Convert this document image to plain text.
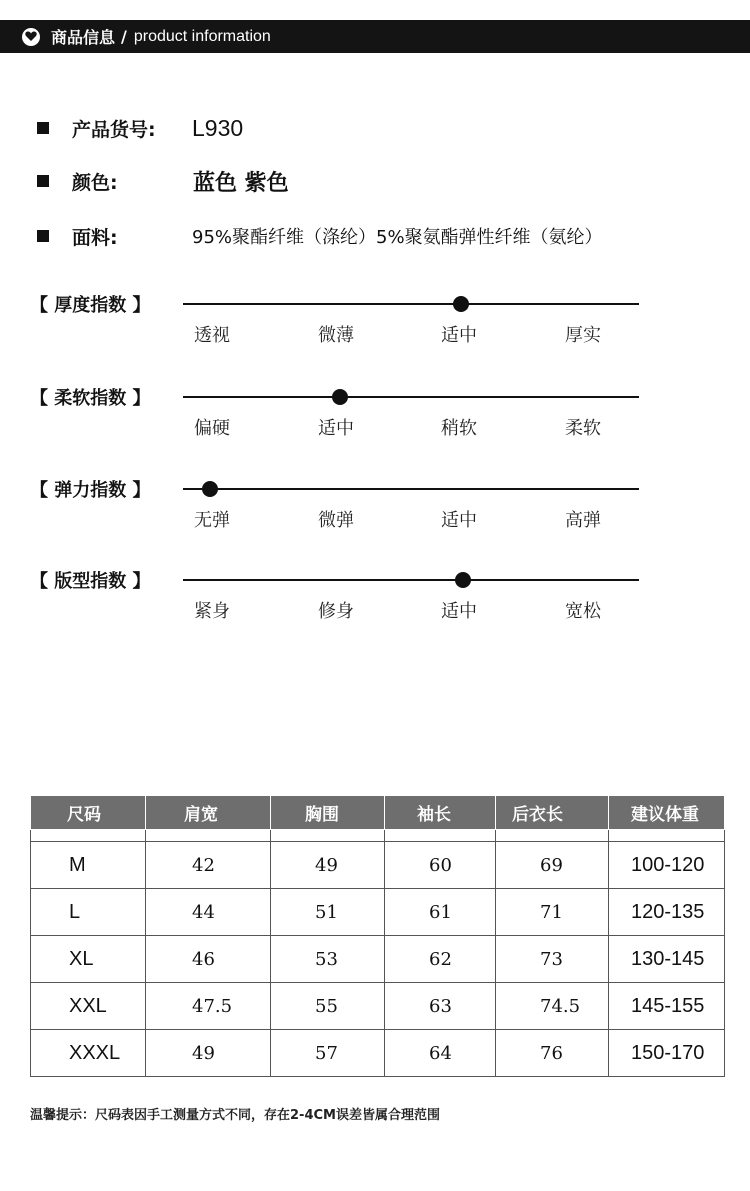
商品信息 / product information
产品货号: L930
颜色:	蓝色 紫色
面料:	95%聚酯纤维（涤纶）5%聚氨酯弹性纤维（氨纶）
【 厚度指数 】
透视	微薄	适中	厚实
【 柔软指数 】
偏硬	适中	稍软	柔软
【 弹力指数 】
无弹	微弹	适中	高弹
【 版型指数 】
紧身	修身	适中	宽松
尺码	肩宽	胸围	袖长	后衣长	建议体重

M	42	49	60	69	100-120
L	44	51	61	71	120-135
XL	46	53	62	73	130-145
XXL	47.5	55	63	74.5	145-155
XXXL	49	57	64	76	150-170
温馨提示：尺码表因手工测量方式不同，存在2-4CM误差皆属合理范围
